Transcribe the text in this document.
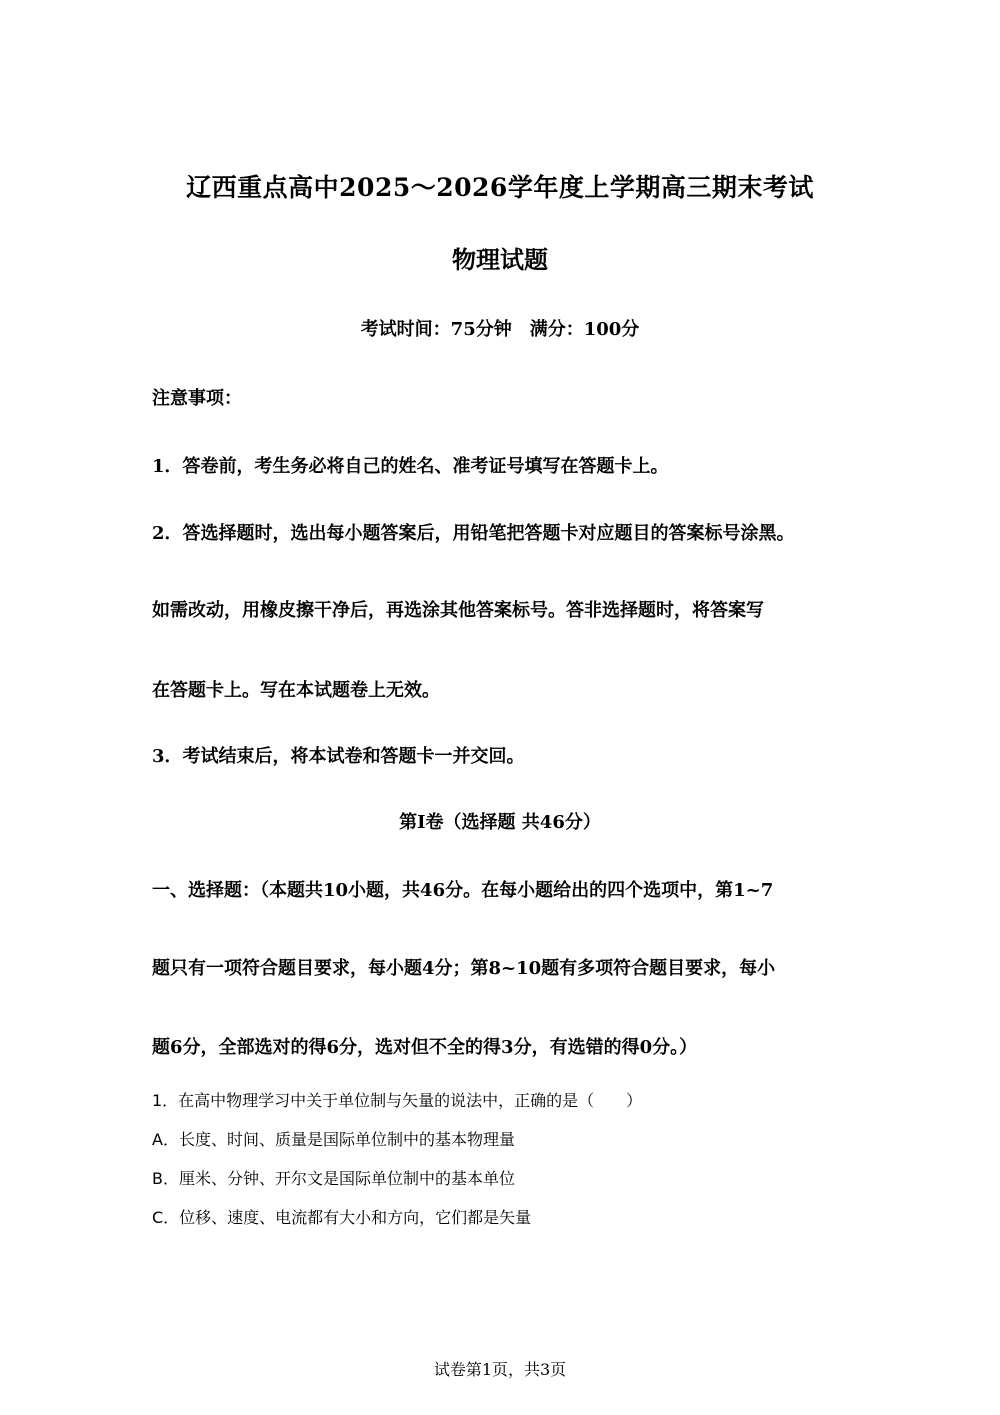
辽西重点高中2025～2026学年度上学期高三期末考试
物理试题
考试时间：75分钟　满分：100分
注意事项：
1．答卷前，考生务必将自己的姓名、准考证号填写在答题卡上。
2．答选择题时，选出每小题答案后，用铅笔把答题卡对应题目的答案标号涂黑。
如需改动，用橡皮擦干净后，再选涂其他答案标号。答非选择题时，将答案写
在答题卡上。写在本试题卷上无效。
3．考试结束后，将本试卷和答题卡一并交回。
第Ⅰ卷（选择题 共46分）
一、选择题：（本题共10小题，共46分。在每小题给出的四个选项中，第1~7
题只有一项符合题目要求，每小题4分；第8~10题有多项符合题目要求，每小
题6分，全部选对的得6分，选对但不全的得3分，有选错的得0分。）
1．在高中物理学习中关于单位制与矢量的说法中，正确的是（　　）
A．长度、时间、质量是国际单位制中的基本物理量
B．厘米、分钟、开尔文是国际单位制中的基本单位
C．位移、速度、电流都有大小和方向，它们都是矢量
试卷第1页，共3页
